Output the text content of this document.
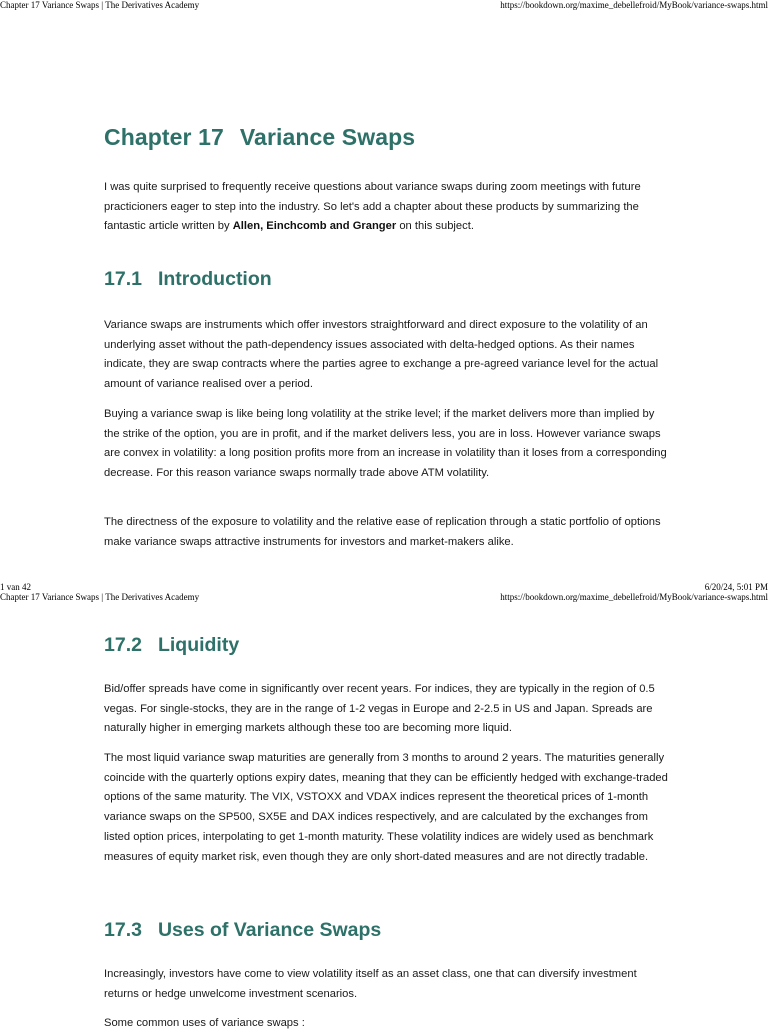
Chapter 17 Variance Swaps | The Derivatives Academy	https://bookdown.org/maxime_debellefroid/MyBook/variance-swaps.html
Chapter 17 Variance Swaps

I was quite surprised to frequently receive questions about variance swaps during zoom meetings with future practicioners eager to step into the industry. So let's add a chapter about these products by summarizing the fantastic article written by Allen, Einchcomb and Granger on this subject.

17.1 Introduction

Variance swaps are instruments which offer investors straightforward and direct exposure to the volatility of an underlying asset without the path-dependency issues associated with delta-hedged options. As their names indicate, they are swap contracts where the parties agree to exchange a pre-agreed variance level for the actual amount of variance realised over a period.

Buying a variance swap is like being long volatility at the strike level; if the market delivers more than implied by the strike of the option, you are in profit, and if the market delivers less, you are in loss. However variance swaps are convex in volatility: a long position profits more from an increase in volatility than it loses from a corresponding decrease. For this reason variance swaps normally trade above ATM volatility.

The directness of the exposure to volatility and the relative ease of replication through a static portfolio of options make variance swaps attractive instruments for investors and market-makers alike.

1 van 42	6/20/24, 5:01 PM
Chapter 17 Variance Swaps | The Derivatives Academy	https://bookdown.org/maxime_debellefroid/MyBook/variance-swaps.html
17.2 Liquidity

Bid/offer spreads have come in significantly over recent years. For indices, they are typically in the region of 0.5 vegas. For single-stocks, they are in the range of 1-2 vegas in Europe and 2-2.5 in US and Japan. Spreads are naturally higher in emerging markets although these too are becoming more liquid.

The most liquid variance swap maturities are generally from 3 months to around 2 years. The maturities generally coincide with the quarterly options expiry dates, meaning that they can be efficiently hedged with exchange-traded options of the same maturity. The VIX, VSTOXX and VDAX indices represent the theoretical prices of 1-month variance swaps on the SP500, SX5E and DAX indices respectively, and are calculated by the exchanges from listed option prices, interpolating to get 1-month maturity. These volatility indices are widely used as benchmark measures of equity market risk, even though they are only short-dated measures and are not directly tradable.

17.3 Uses of Variance Swaps

Increasingly, investors have come to view volatility itself as an asset class, one that can diversify investment returns or hedge unwelcome investment scenarios.

Some common uses of variance swaps :
